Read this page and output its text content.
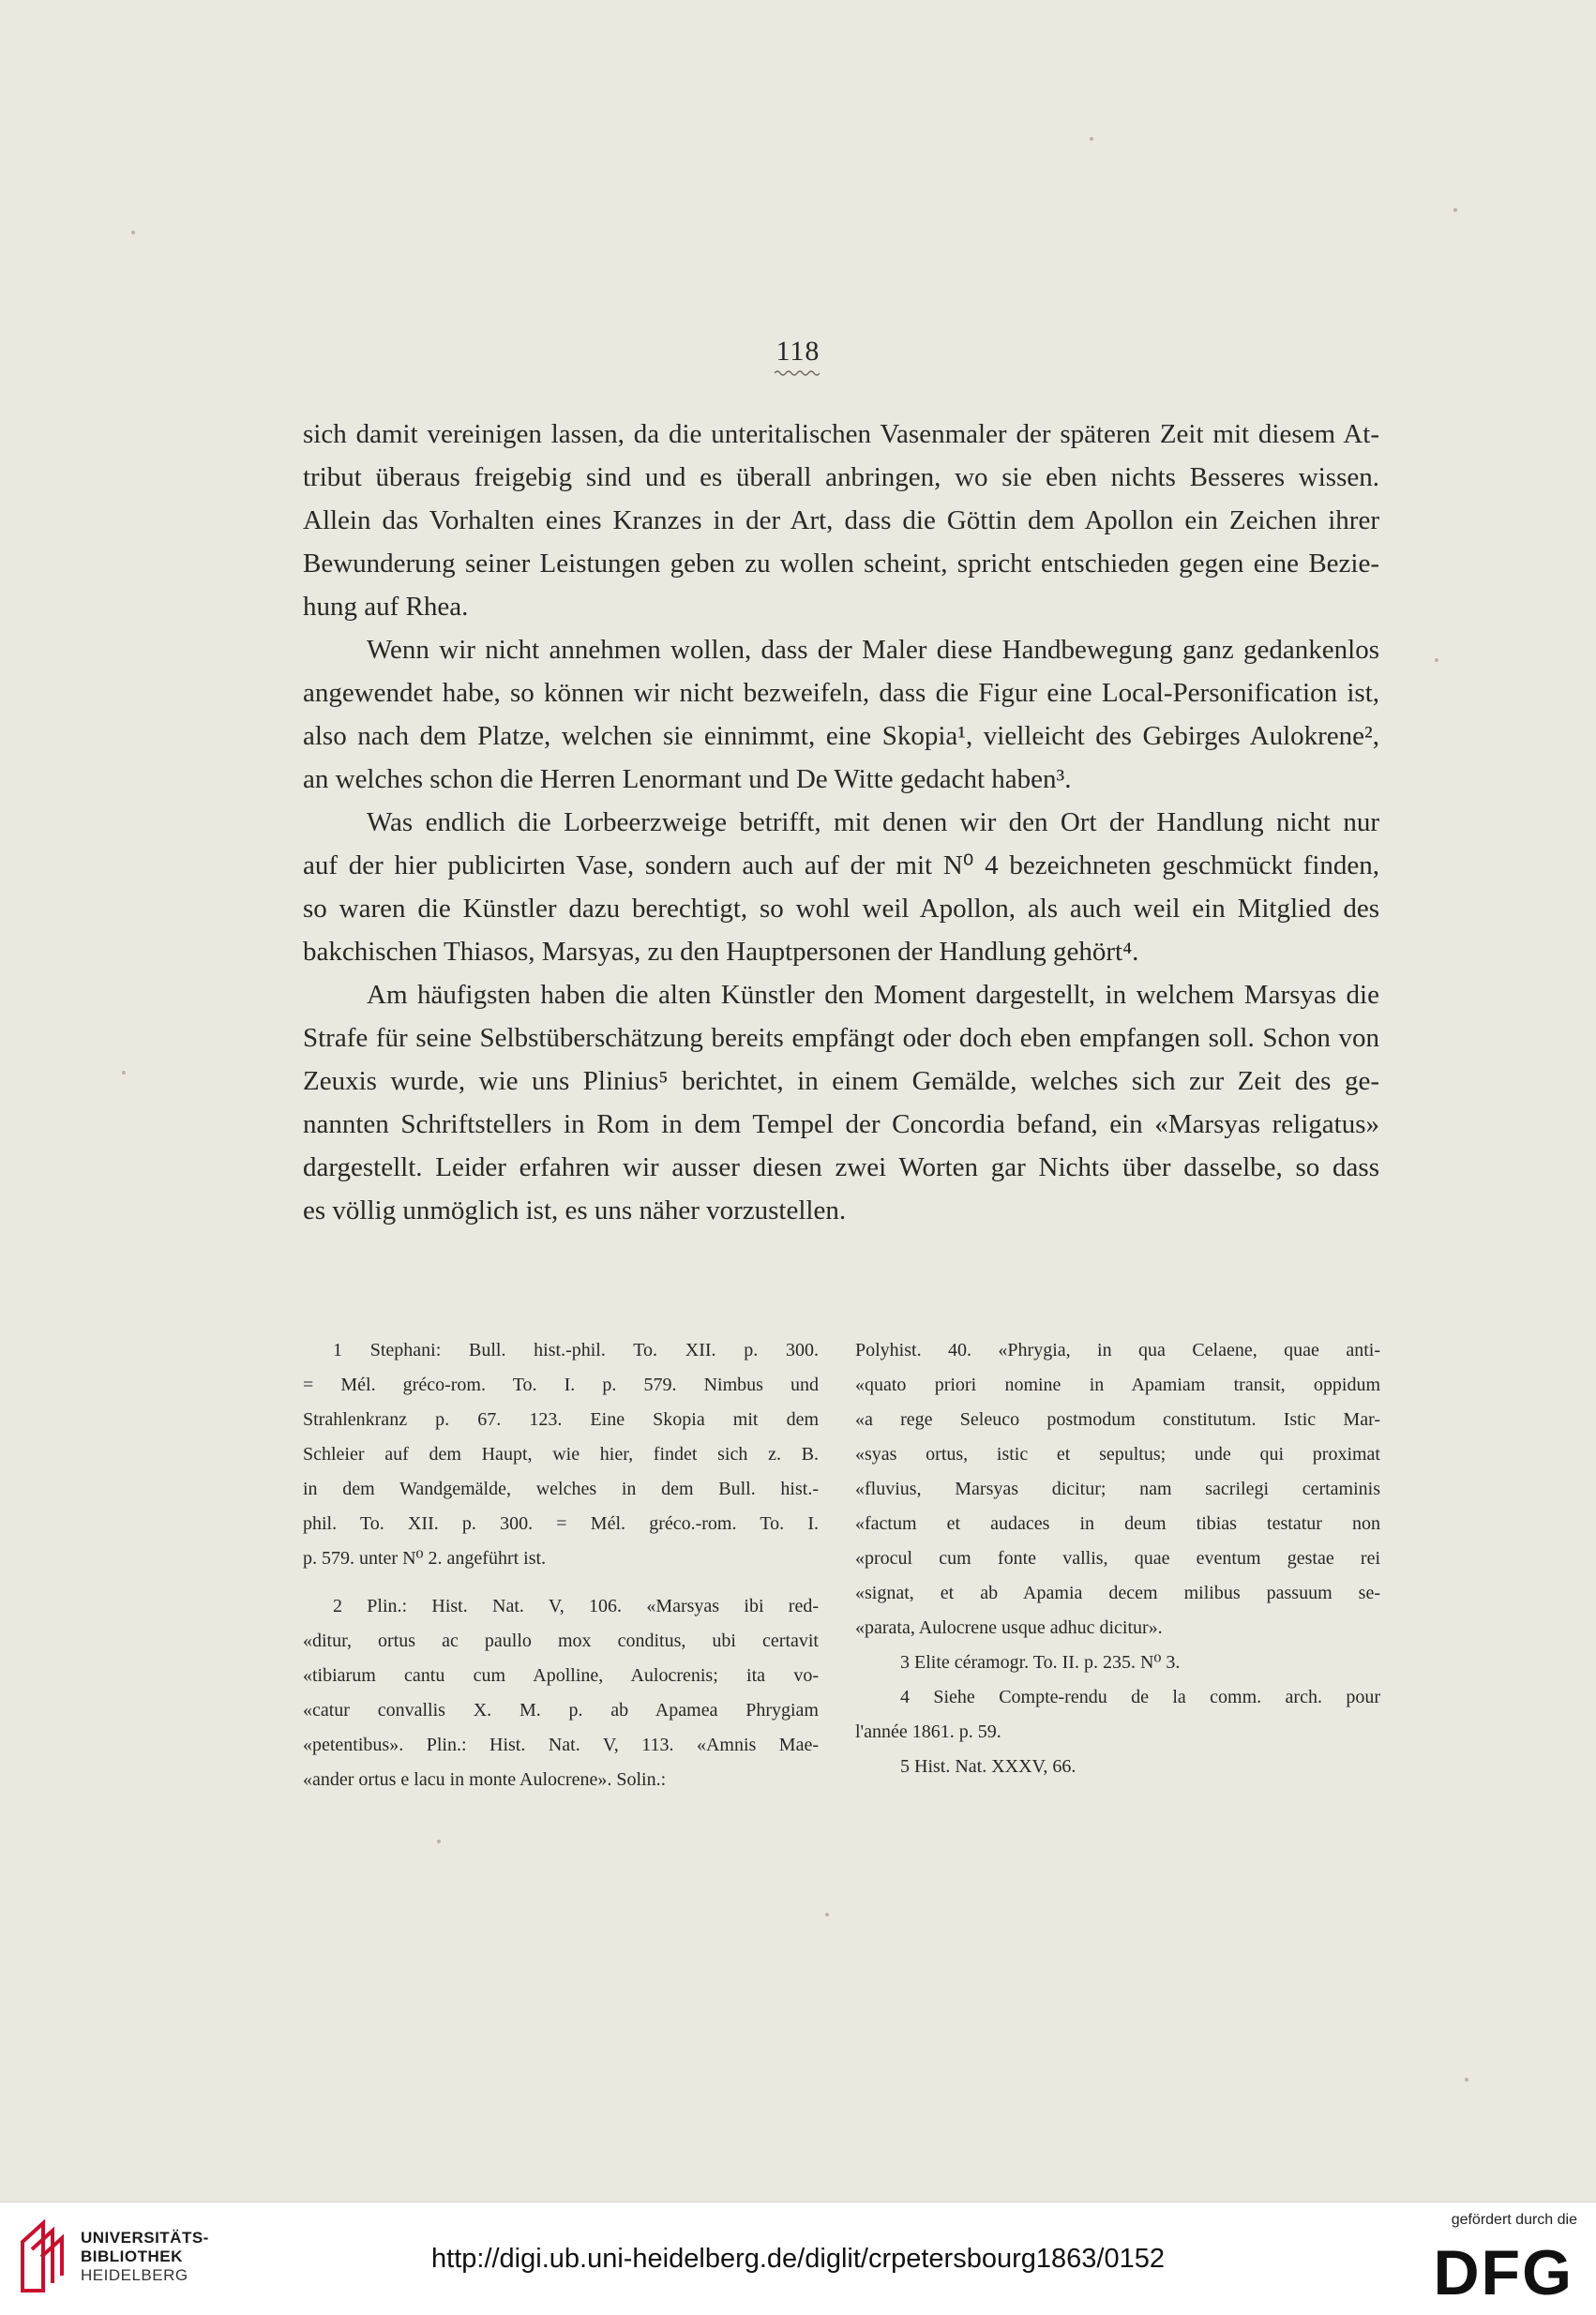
118
sich damit vereinigen lassen, da die unteritalischen Vasenmaler der späteren Zeit mit diesem At-
tribut überaus freigebig sind und es überall anbringen, wo sie eben nichts Besseres wissen.
Allein das Vorhalten eines Kranzes in der Art, dass die Göttin dem Apollon ein Zeichen ihrer
Bewunderung seiner Leistungen geben zu wollen scheint, spricht entschieden gegen eine Bezie-
hung auf Rhea.
Wenn wir nicht annehmen wollen, dass der Maler diese Handbewegung ganz gedankenlos
angewendet habe, so können wir nicht bezweifeln, dass die Figur eine Local-Personification ist,
also nach dem Platze, welchen sie einnimmt, eine Skopia¹, vielleicht des Gebirges Aulokrene²,
an welches schon die Herren Lenormant und De Witte gedacht haben³.
Was endlich die Lorbeerzweige betrifft, mit denen wir den Ort der Handlung nicht nur
auf der hier publicirten Vase, sondern auch auf der mit N⁰ 4 bezeichneten geschmückt finden,
so waren die Künstler dazu berechtigt, so wohl weil Apollon, als auch weil ein Mitglied des
bakchischen Thiasos, Marsyas, zu den Hauptpersonen der Handlung gehört⁴.
Am häufigsten haben die alten Künstler den Moment dargestellt, in welchem Marsyas die
Strafe für seine Selbstüberschätzung bereits empfängt oder doch eben empfangen soll. Schon von
Zeuxis wurde, wie uns Plinius⁵ berichtet, in einem Gemälde, welches sich zur Zeit des ge-
nannten Schriftstellers in Rom in dem Tempel der Concordia befand, ein «Marsyas religatus»
dargestellt. Leider erfahren wir ausser diesen zwei Worten gar Nichts über dasselbe, so dass
es völlig unmöglich ist, es uns näher vorzustellen.
1 Stephani: Bull. hist.-phil. To. XII. p. 300.
= Mél. gréco-rom. To. I. p. 579. Nimbus und
Strahlenkranz p. 67. 123. Eine Skopia mit dem
Schleier auf dem Haupt, wie hier, findet sich z. B.
in dem Wandgemälde, welches in dem Bull. hist.-
phil. To. XII. p. 300. = Mél. gréco.-rom. To. I.
p. 579. unter N⁰ 2. angeführt ist.
2 Plin.: Hist. Nat. V, 106. «Marsyas ibi red-
«ditur, ortus ac paullo mox conditus, ubi certavit
«tibiarum cantu cum Apolline, Aulocrenis; ita vo-
«catur convallis X. M. p. ab Apamea Phrygiam
«petentibus». Plin.: Hist. Nat. V, 113. «Amnis Mae-
«ander ortus e lacu in monte Aulocrene». Solin.:
Polyhist. 40. «Phrygia, in qua Celaene, quae anti-
«quato priori nomine in Apamiam transit, oppidum
«a rege Seleuco postmodum constitutum. Istic Mar-
«syas ortus, istic et sepultus; unde qui proximat
«fluvius, Marsyas dicitur; nam sacrilegi certaminis
«factum et audaces in deum tibias testatur non
«procul cum fonte vallis, quae eventum gestae rei
«signat, et ab Apamia decem milibus passuum se-
«parata, Aulocrene usque adhuc dicitur».
3 Elite céramogr. To. II. p. 235. N⁰ 3.
4 Siehe Compte-rendu de la comm. arch. pour
l'année 1861. p. 59.
5 Hist. Nat. XXXV, 66.
UNIVERSITÄTS-
BIBLIOTHEK
HEIDELBERG
http://digi.ub.uni-heidelberg.de/diglit/crpetersbourg1863/0152
gefördert durch die
DFG
